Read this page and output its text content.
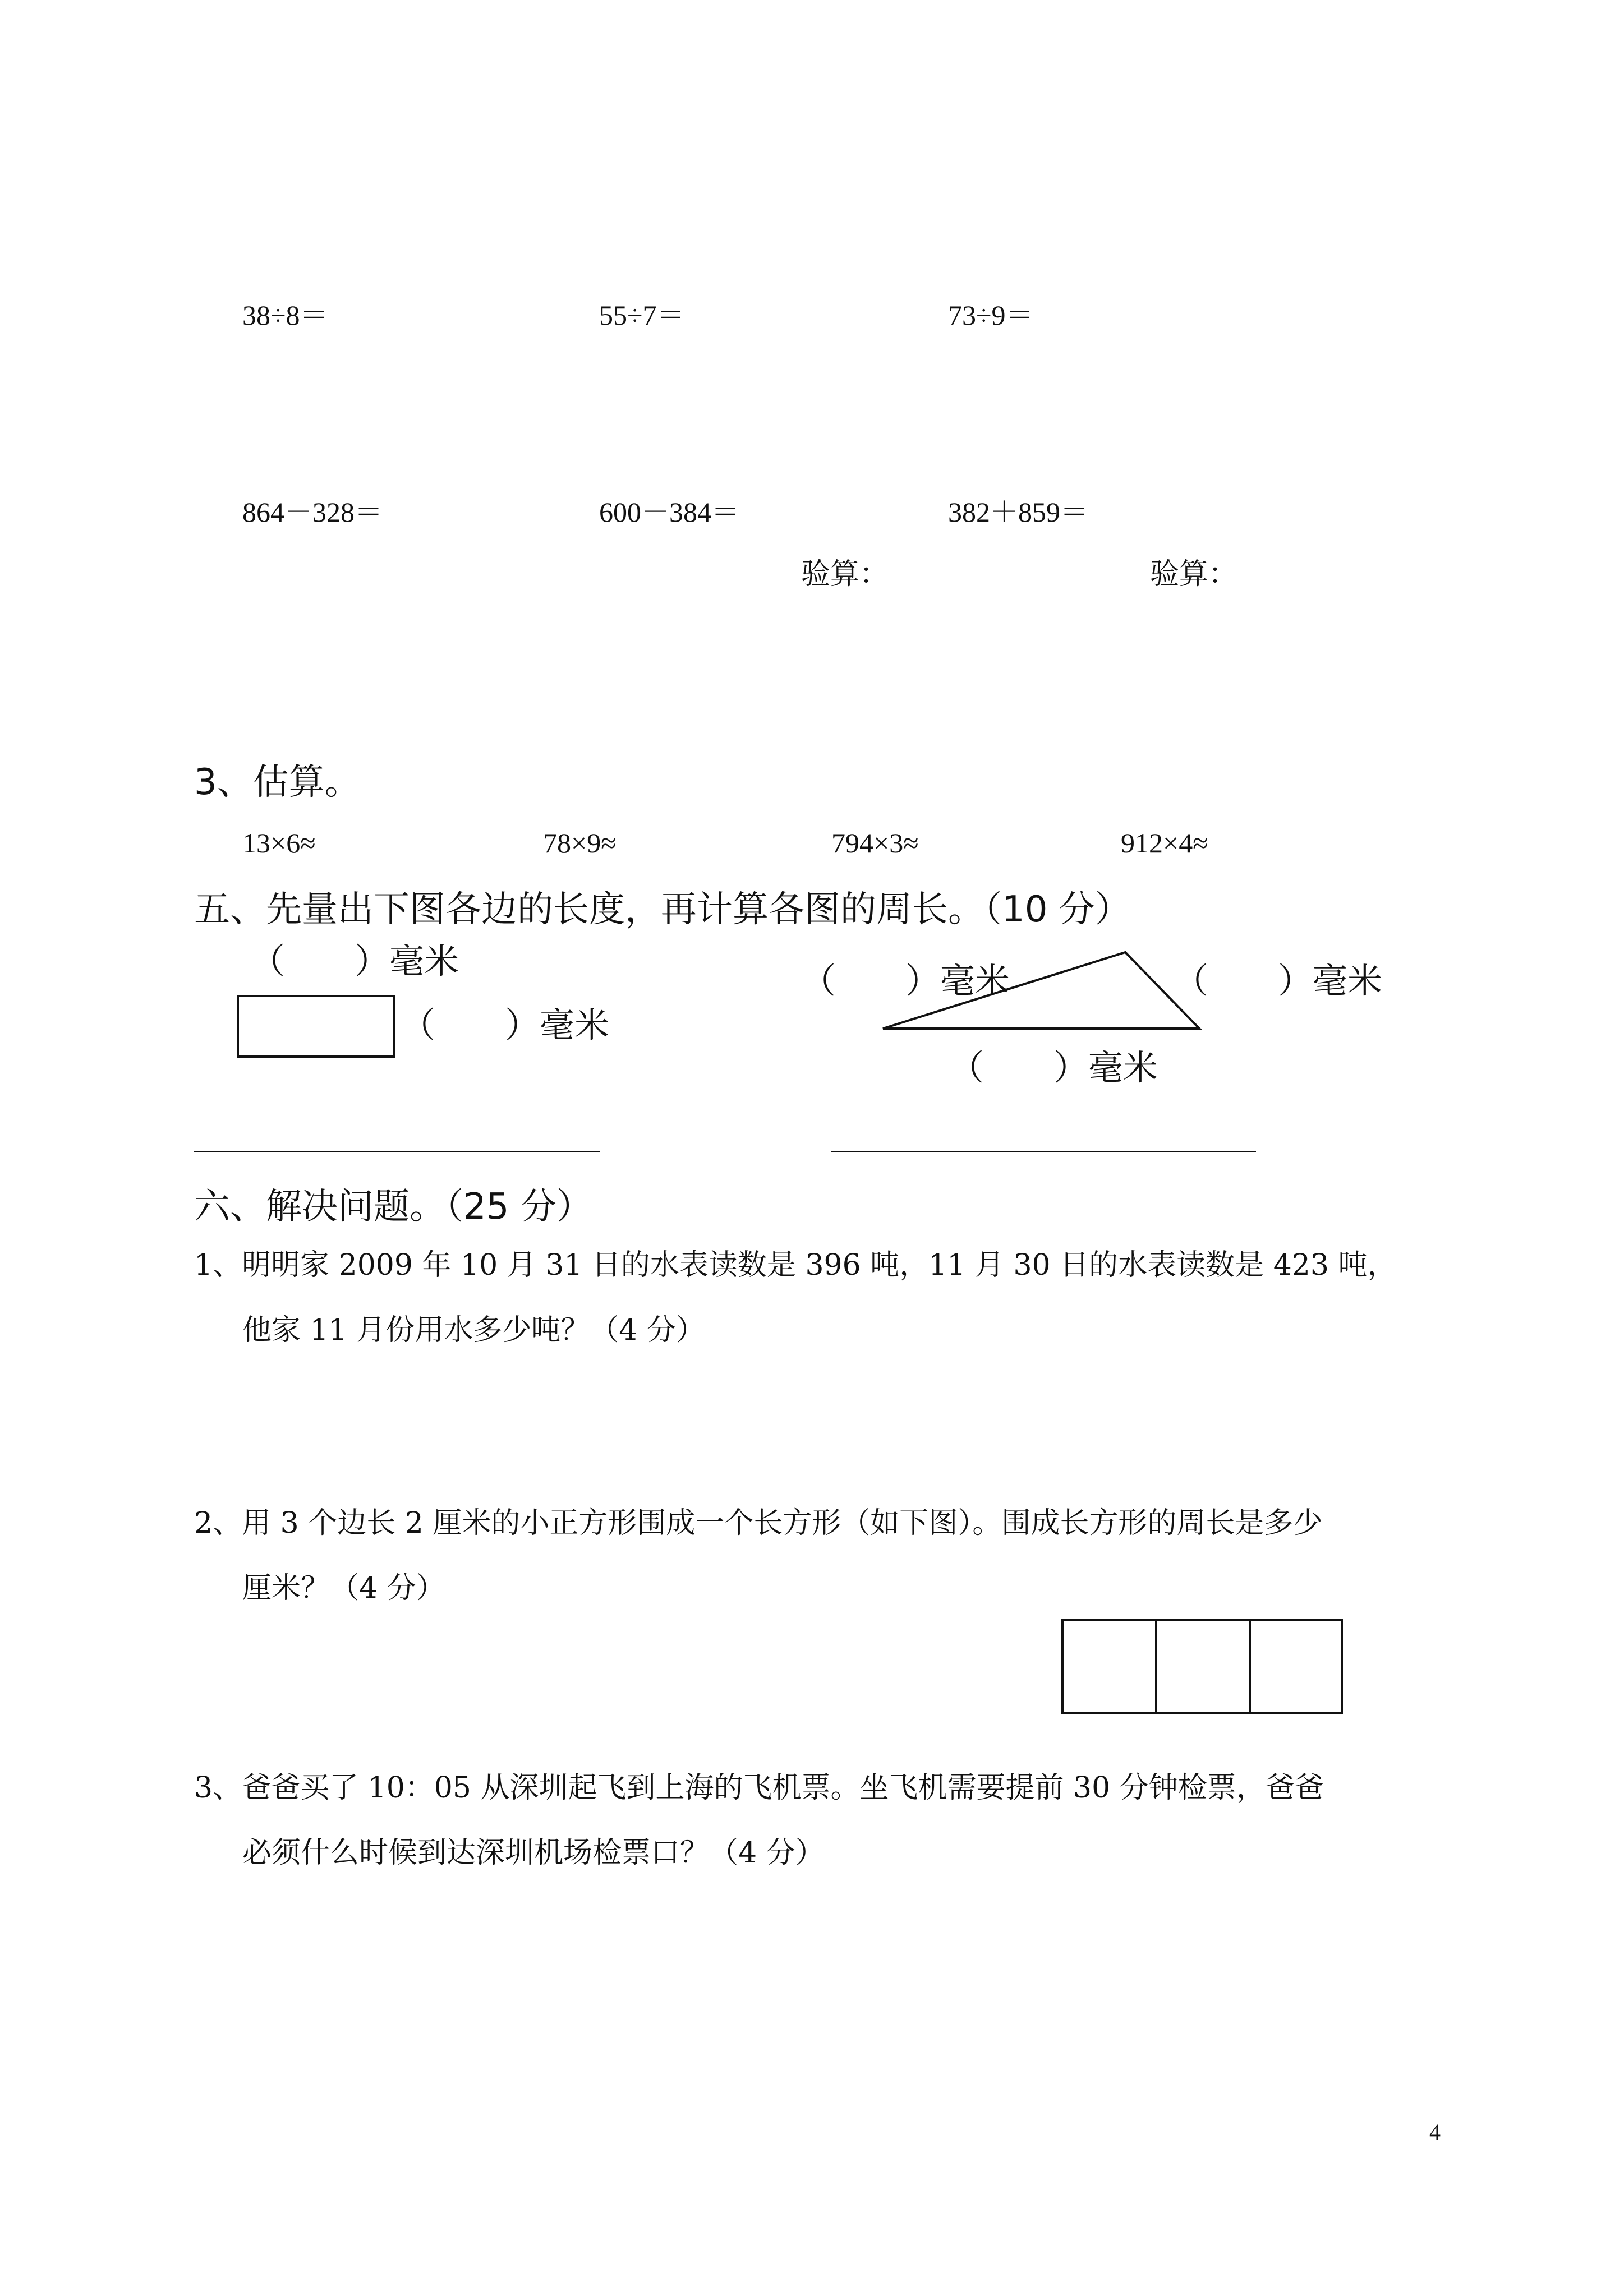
38÷8＝	55÷7＝	73÷9＝
864－328＝	600－384＝	382＋859＝
验算：	验算：
3、估算。
13×6≈	78×9≈	794×3≈	912×4≈
五、先量出下图各边的长度，再计算各图的周长。（10 分）
（　　）毫米
（　　）毫米
（　　）毫米	（　　）毫米
（　　）毫米
六、解决问题。（25 分）
1、明明家 2009 年 10 月 31 日的水表读数是 396 吨，11 月 30 日的水表读数是 423 吨，
他家 11 月份用水多少吨？（4 分）
2、用 3 个边长 2 厘米的小正方形围成一个长方形（如下图）。围成长方形的周长是多少
厘米？（4 分）
3、爸爸买了 10：05 从深圳起飞到上海的飞机票。坐飞机需要提前 30 分钟检票，爸爸
必须什么时候到达深圳机场检票口？（4 分）
4
